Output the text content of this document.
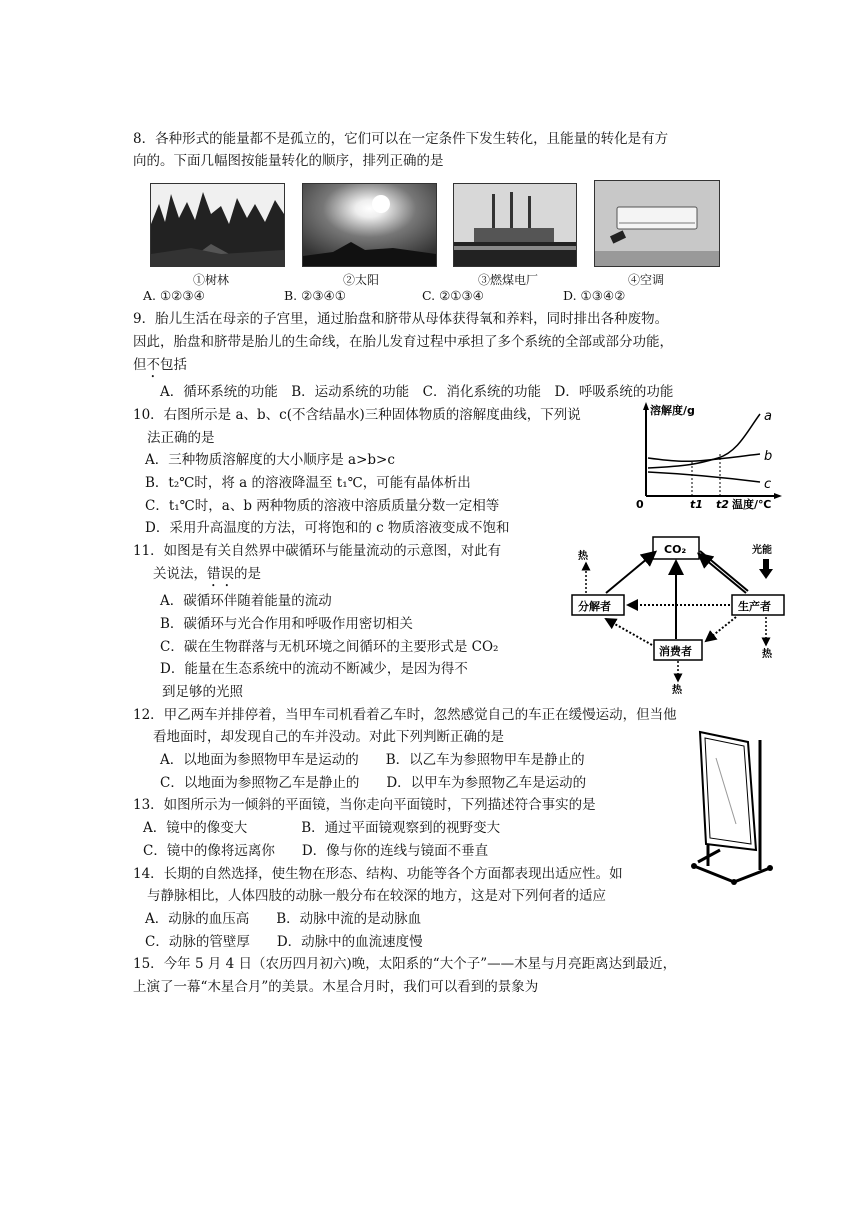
8．各种形式的能量都不是孤立的，它们可以在一定条件下发生转化，且能量的转化是有方
向的。下面几幅图按能量转化的顺序，排列正确的是
①树林	②太阳	③燃煤电厂	④空调
A. ①②③④	B. ②③④①	C. ②①③④	D. ①③④②
9．胎儿生活在母亲的子宫里，通过胎盘和脐带从母体获得氧和养料，同时排出各种废物。
因此，胎盘和脐带是胎儿的生命线，在胎儿发育过程中承担了多个系统的全部或部分功能，
但不包括
A．循环系统的功能　B．运动系统的功能　C．消化系统的功能　D．呼吸系统的功能
10．右图所示是 a、b、c(不含结晶水)三种固体物质的溶解度曲线，下列说
法正确的是
A．三种物质溶解度的大小顺序是 a>b>c
B．t₂℃时，将 a 的溶液降温至 t₁℃，可能有晶体析出
C．t₁℃时，a、b 两种物质的溶液中溶质质量分数一定相等
D．采用升高温度的方法，可将饱和的 c 物质溶液变成不饱和
溶解度/g
0	t1 t2 温度/℃
a
b
c
11．如图是有关自然界中碳循环与能量流动的示意图，对此有
关说法，错误的是
A．碳循环伴随着能量的流动
B．碳循环与光合作用和呼吸作用密切相关
C．碳在生物群落与无机环境之间循环的主要形式是 CO₂
D．能量在生态系统中的流动不断减少，是因为得不
到足够的光照
CO₂
分解者	生产者
消费者
光能
热
热
热
12．甲乙两车并排停着，当甲车司机看着乙车时，忽然感觉自己的车正在缓慢运动，但当他
看地面时，却发现自己的车并没动。对此下列判断正确的是
A．以地面为参照物甲车是运动的　　B．以乙车为参照物甲车是静止的
C．以地面为参照物乙车是静止的　　D．以甲车为参照物乙车是运动的
13．如图所示为一倾斜的平面镜，当你走向平面镜时，下列描述符合事实的是
A．镜中的像变大　　　　B．通过平面镜观察到的视野变大
C．镜中的像将远离你　　D．像与你的连线与镜面不垂直
14．长期的自然选择，使生物在形态、结构、功能等各个方面都表现出适应性。如
与静脉相比，人体四肢的动脉一般分布在较深的地方，这是对下列何者的适应
A．动脉的血压高　　B．动脉中流的是动脉血
C．动脉的管壁厚　　D．动脉中的血流速度慢
15．今年 5 月 4 日（农历四月初六)晚，太阳系的“大个子”——木星与月亮距离达到最近，
上演了一幕“木星合月”的美景。木星合月时，我们可以看到的景象为
